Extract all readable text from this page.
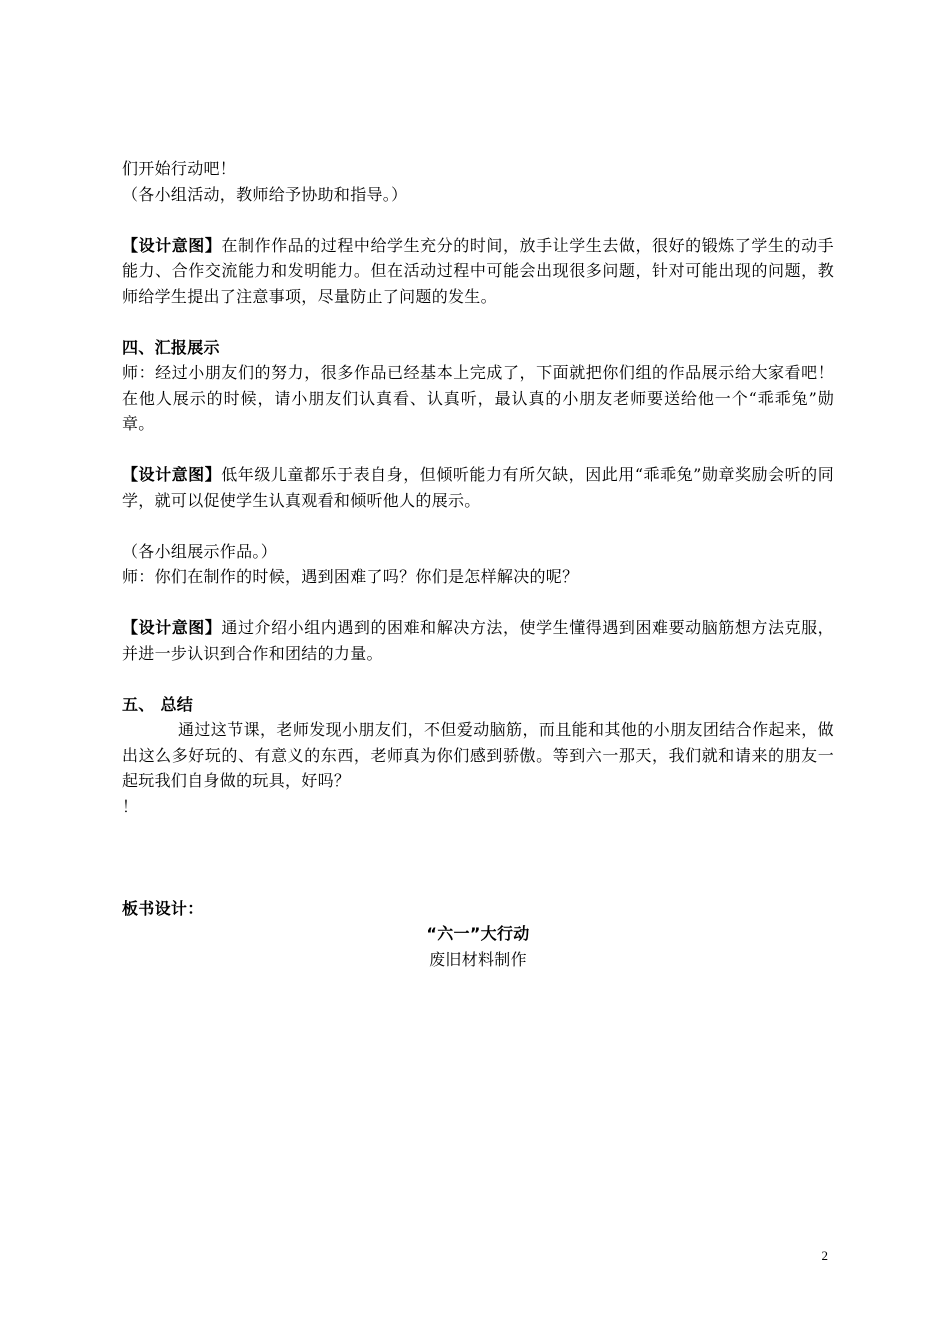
们开始行动吧！

（各小组活动，教师给予协助和指导。）

【设计意图】在制作作品的过程中给学生充分的时间，放手让学生去做，很好的锻炼了学生的动手能力、合作交流能力和发明能力。但在活动过程中可能会出现很多问题，针对可能出现的问题，教师给学生提出了注意事项，尽量防止了问题的发生。

四、汇报展示

师：经过小朋友们的努力，很多作品已经基本上完成了，下面就把你们组的作品展示给大家看吧！在他人展示的时候，请小朋友们认真看、认真听，最认真的小朋友老师要送给他一个“乖乖兔”勋章。

【设计意图】低年级儿童都乐于表自身，但倾听能力有所欠缺，因此用“乖乖兔”勋章奖励会听的同学，就可以促使学生认真观看和倾听他人的展示。

（各小组展示作品。）

师：你们在制作的时候，遇到困难了吗？你们是怎样解决的呢？

【设计意图】通过介绍小组内遇到的困难和解决方法，使学生懂得遇到困难要动脑筋想方法克服，并进一步认识到合作和团结的力量。

五、 总结

通过这节课，老师发现小朋友们，不但爱动脑筋，而且能和其他的小朋友团结合作起来，做出这么多好玩的、有意义的东西，老师真为你们感到骄傲。等到六一那天，我们就和请来的朋友一起玩我们自身做的玩具，好吗？

！

板书设计：

“六一”大行动

废旧材料制作

2
